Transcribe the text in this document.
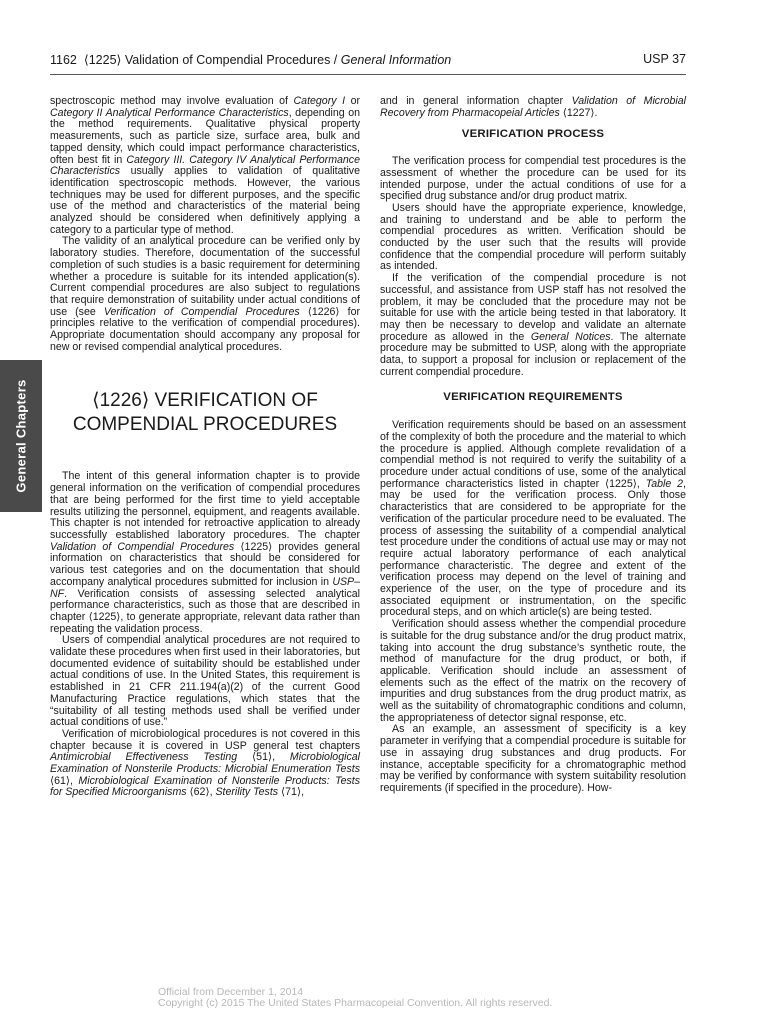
1162 ⟨1225⟩ Validation of Compendial Procedures / General Information	USP 37
General Chapters

spectroscopic method may involve evaluation of Category I or Category II Analytical Performance Characteristics, depending on the method requirements. Qualitative physical property measurements, such as particle size, surface area, bulk and tapped density, which could impact performance characteristics, often best fit in Category III. Category IV Analytical Performance Characteristics usually applies to validation of qualitative identification spectroscopic methods. However, the various techniques may be used for different purposes, and the specific use of the method and characteristics of the material being analyzed should be considered when definitively applying a category to a particular type of method.

The validity of an analytical procedure can be verified only by laboratory studies. Therefore, documentation of the successful completion of such studies is a basic requirement for determining whether a procedure is suitable for its intended application(s). Current compendial procedures are also subject to regulations that require demonstration of suitability under actual conditions of use (see Verification of Compendial Procedures ⟨1226⟩ for principles relative to the verification of compendial procedures). Appropriate documentation should accompany any proposal for new or revised compendial analytical procedures.

⟨1226⟩ VERIFICATION OF
COMPENDIAL PROCEDURES

The intent of this general information chapter is to provide general information on the verification of compendial procedures that are being performed for the first time to yield acceptable results utilizing the personnel, equipment, and reagents available. This chapter is not intended for retroactive application to already successfully established laboratory procedures. The chapter Validation of Compendial Procedures ⟨1225⟩ provides general information on characteristics that should be considered for various test categories and on the documentation that should accompany analytical procedures submitted for inclusion in USP–NF. Verification consists of assessing selected analytical performance characteristics, such as those that are described in chapter ⟨1225⟩, to generate appropriate, relevant data rather than repeating the validation process.

Users of compendial analytical procedures are not required to validate these procedures when first used in their laboratories, but documented evidence of suitability should be established under actual conditions of use. In the United States, this requirement is established in 21 CFR 211.194(a)(2) of the current Good Manufacturing Practice regulations, which states that the “suitability of all testing methods used shall be verified under actual conditions of use.”

Verification of microbiological procedures is not covered in this chapter because it is covered in USP general test chapters Antimicrobial Effectiveness Testing ⟨51⟩, Microbiological Examination of Nonsterile Products: Microbial Enumeration Tests ⟨61⟩, Microbiological Examination of Nonsterile Products: Tests for Specified Microorganisms ⟨62⟩, Sterility Tests ⟨71⟩,

and in general information chapter Validation of Microbial Recovery from Pharmacopeial Articles ⟨1227⟩.

VERIFICATION PROCESS

The verification process for compendial test procedures is the assessment of whether the procedure can be used for its intended purpose, under the actual conditions of use for a specified drug substance and/or drug product matrix.

Users should have the appropriate experience, knowledge, and training to understand and be able to perform the compendial procedures as written. Verification should be conducted by the user such that the results will provide confidence that the compendial procedure will perform suitably as intended.

If the verification of the compendial procedure is not successful, and assistance from USP staff has not resolved the problem, it may be concluded that the procedure may not be suitable for use with the article being tested in that laboratory. It may then be necessary to develop and validate an alternate procedure as allowed in the General Notices. The alternate procedure may be submitted to USP, along with the appropriate data, to support a proposal for inclusion or replacement of the current compendial procedure.

VERIFICATION REQUIREMENTS

Verification requirements should be based on an assessment of the complexity of both the procedure and the material to which the procedure is applied. Although complete revalidation of a compendial method is not required to verify the suitability of a procedure under actual conditions of use, some of the analytical performance characteristics listed in chapter ⟨1225⟩, Table 2, may be used for the verification process. Only those characteristics that are considered to be appropriate for the verification of the particular procedure need to be evaluated. The process of assessing the suitability of a compendial analytical test procedure under the conditions of actual use may or may not require actual laboratory performance of each analytical performance characteristic. The degree and extent of the verification process may depend on the level of training and experience of the user, on the type of procedure and its associated equipment or instrumentation, on the specific procedural steps, and on which article(s) are being tested.

Verification should assess whether the compendial procedure is suitable for the drug substance and/or the drug product matrix, taking into account the drug substance’s synthetic route, the method of manufacture for the drug product, or both, if applicable. Verification should include an assessment of elements such as the effect of the matrix on the recovery of impurities and drug substances from the drug product matrix, as well as the suitability of chromatographic conditions and column, the appropriateness of detector signal response, etc.

As an example, an assessment of specificity is a key parameter in verifying that a compendial procedure is suitable for use in assaying drug substances and drug products. For instance, acceptable specificity for a chromatographic method may be verified by conformance with system suitability resolution requirements (if specified in the procedure). How-

Official from December 1, 2014
Copyright (c) 2015 The United States Pharmacopeial Convention. All rights reserved.
